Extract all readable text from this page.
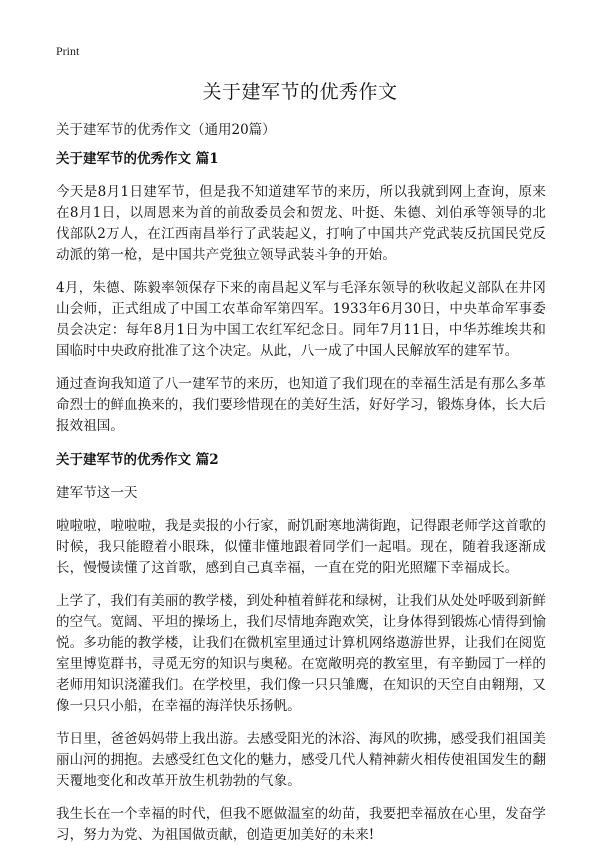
Print
关于建军节的优秀作文

关于建军节的优秀作文（通用20篇）

关于建军节的优秀作文 篇1

今天是8月1日建军节，但是我不知道建军节的来历，所以我就到网上查询，原来在8月1日，以周恩来为首的前敌委员会和贺龙、叶挺、朱德、刘伯承等领导的北伐部队2万人，在江西南昌举行了武装起义，打响了中国共产党武装反抗国民党反动派的第一枪，是中国共产党独立领导武装斗争的开始。

4月，朱德、陈毅率领保存下来的南昌起义军与毛泽东领导的秋收起义部队在井冈山会师，正式组成了中国工农革命军第四军。1933年6月30日，中央革命军事委员会决定：每年8月1日为中国工农红军纪念日。同年7月11日，中华苏维埃共和国临时中央政府批准了这个决定。从此，八一成了中国人民解放军的建军节。

通过查询我知道了八一建军节的来历，也知道了我们现在的幸福生活是有那么多革命烈士的鲜血换来的，我们要珍惜现在的美好生活，好好学习，锻炼身体，长大后报效祖国。

关于建军节的优秀作文 篇2

建军节这一天

啦啦啦，啦啦啦，我是卖报的小行家，耐饥耐寒地满街跑，记得跟老师学这首歌的时候，我只能瞪着小眼珠，似懂非懂地跟着同学们一起唱。现在，随着我逐渐成长，慢慢读懂了这首歌，感到自己真幸福，一直在党的阳光照耀下幸福成长。

上学了，我们有美丽的教学楼，到处种植着鲜花和绿树，让我们从处处呼吸到新鲜的空气。宽阔、平坦的操场上，我们尽情地奔跑欢笑，让身体得到锻炼心情得到愉悦。多功能的教学楼，让我们在微机室里通过计算机网络遨游世界，让我们在阅览室里博览群书，寻觅无穷的知识与奥秘。在宽敞明亮的教室里，有辛勤园丁一样的老师用知识浇灌我们。在学校里，我们像一只只雏鹰，在知识的天空自由翱翔，又像一只只小船，在幸福的海洋快乐扬帆。

节日里，爸爸妈妈带上我出游。去感受阳光的沐浴、海风的吹拂，感受我们祖国美丽山河的拥抱。去感受红色文化的魅力，感受几代人精神薪火相传使祖国发生的翻天覆地变化和改革开放生机勃勃的气象。

我生长在一个幸福的时代，但我不愿做温室的幼苗，我要把幸福放在心里，发奋学习，努力为党、为祖国做贡献，创造更加美好的未来!
